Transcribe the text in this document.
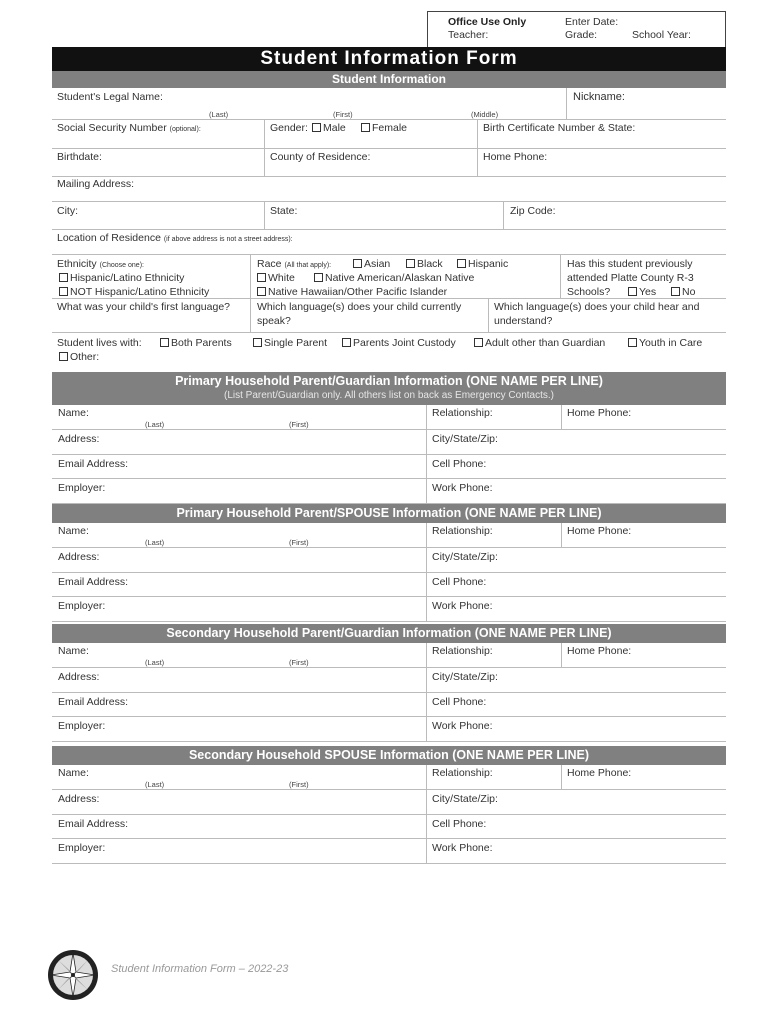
Office Use Only
Teacher:
Enter Date:
Grade:	School Year:
Student Information Form
Student Information
Student's Legal Name:
(Last)	(First)	(Middle)
Nickname:
Social Security Number (optional):	Gender:	Male	Female	Birth Certificate Number & State:
Birthdate:	County of Residence:	Home Phone:
Mailing Address:
City:	State:	Zip Code:
Location of Residence (if above address is not a street address):
Ethnicity (Choose one):
Hispanic/Latino Ethnicity
NOT Hispanic/Latino Ethnicity
Race (All that apply):	Asian	Black	Hispanic
White	Native American/Alaskan Native
Native Hawaiian/Other Pacific Islander
Has this student previously
attended Platte County R-3
Schools?	Yes	No
What was your child's first language?	Which language(s) does your child currently
speak?
Which language(s) does your child hear and
understand?
Student lives with:	Both Parents	Single Parent	Parents Joint Custody	Adult other than Guardian	Youth in Care
Other:
Primary Household Parent/Guardian Information (ONE NAME PER LINE)
(List Parent/Guardian only. All others list on back as Emergency Contacts.)
Name:
(Last)	(First)
Relationship:	Home Phone:
Address:	City/State/Zip:
Email Address:	Cell Phone:
Employer:	Work Phone:
Primary Household Parent/SPOUSE Information (ONE NAME PER LINE)
Name:
(Last)	(First)
Relationship:	Home Phone:
Address:	City/State/Zip:
Email Address:	Cell Phone:
Employer:	Work Phone:
Secondary Household Parent/Guardian Information (ONE NAME PER LINE)
Name:
(Last)	(First)
Relationship:	Home Phone:
Address:	City/State/Zip:
Email Address:	Cell Phone:
Employer:	Work Phone:
Secondary Household SPOUSE Information (ONE NAME PER LINE)
Name:
(Last)	(First)
Relationship:	Home Phone:
Address:	City/State/Zip:
Email Address:	Cell Phone:
Employer:	Work Phone:
Student Information Form – 2022-23
